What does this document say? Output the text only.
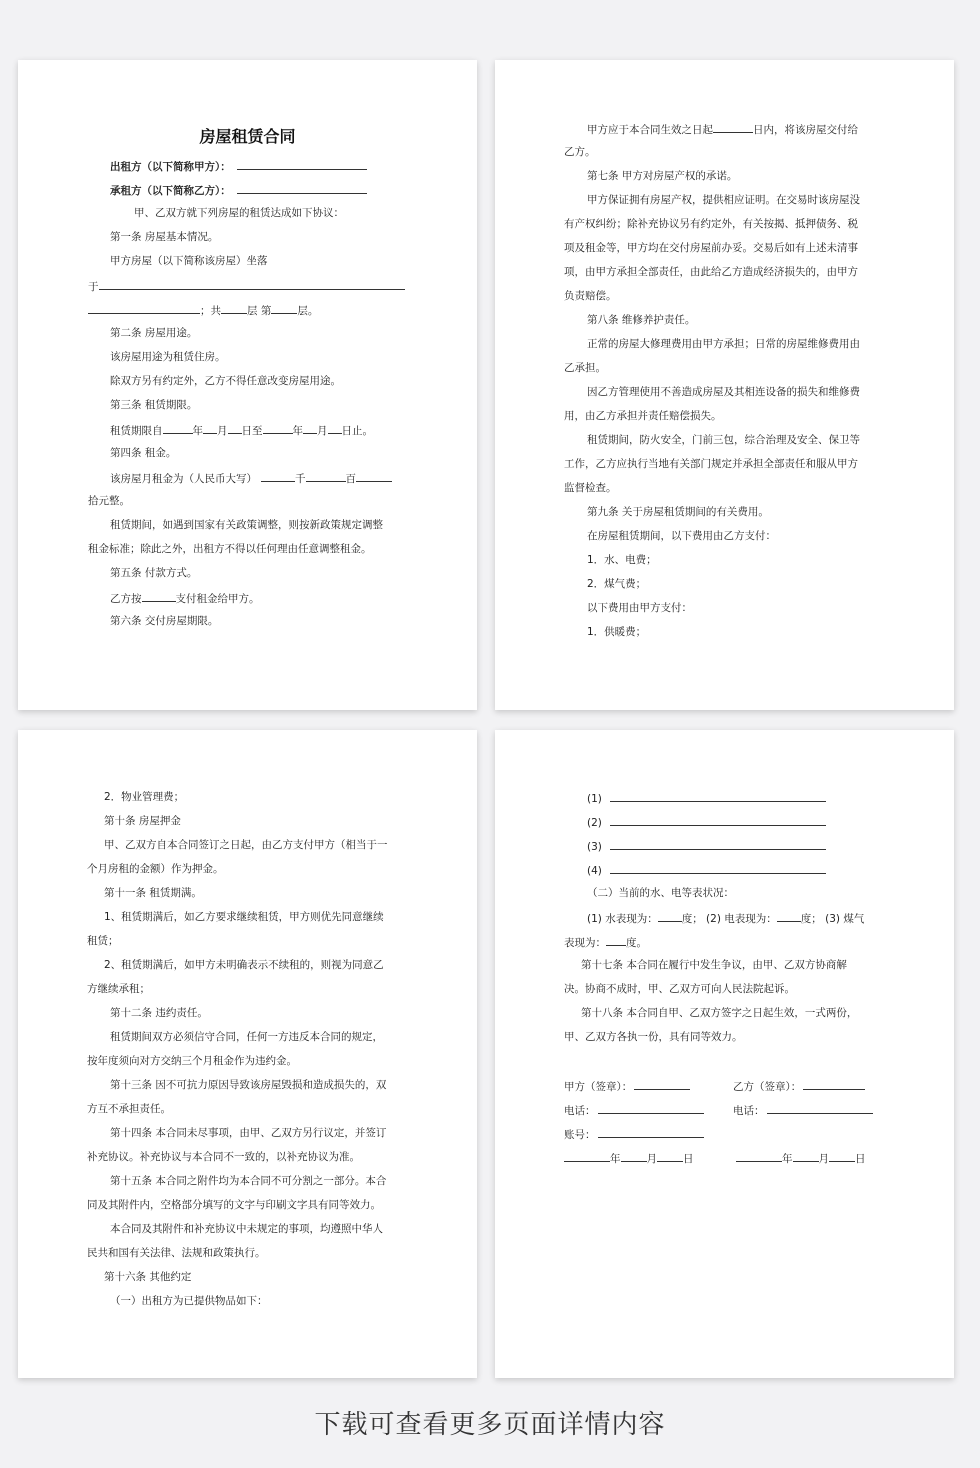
房屋租赁合同
出租方（以下简称甲方）：
承租方（以下简称乙方）：
甲、乙双方就下列房屋的租赁达成如下协议：
第一条 房屋基本情况。
甲方房屋（以下简称该房屋）坐落
于
；共 层 第 层。
第二条 房屋用途。
该房屋用途为租赁住房。
除双方另有约定外，乙方不得任意改变房屋用途。
第三条 租赁期限。
租赁期限自	年 月 日至	年 月 日止。
第四条 租金。
该房屋月租金为（人民币大写）	千	百
拾元整。
租赁期间，如遇到国家有关政策调整，则按新政策规定调整
租金标准；除此之外，出租方不得以任何理由任意调整租金。
第五条 付款方式。
乙方按	支付租金给甲方。
第六条 交付房屋期限。
甲方应于本合同生效之日起	日内，将该房屋交付给
乙方。
第七条 甲方对房屋产权的承诺。
甲方保证拥有房屋产权，提供相应证明。在交易时该房屋没
有产权纠纷；除补充协议另有约定外，有关按揭、抵押债务、税
项及租金等，甲方均在交付房屋前办妥。交易后如有上述未清事
项，由甲方承担全部责任，由此给乙方造成经济损失的，由甲方
负责赔偿。
第八条 维修养护责任。
正常的房屋大修理费用由甲方承担；日常的房屋维修费用由
乙承担。
因乙方管理使用不善造成房屋及其相连设备的损失和维修费
用，由乙方承担并责任赔偿损失。
租赁期间，防火安全，门前三包，综合治理及安全、保卫等
工作，乙方应执行当地有关部门规定并承担全部责任和服从甲方
监督检查。
第九条 关于房屋租赁期间的有关费用。
在房屋租赁期间，以下费用由乙方支付：
1．水、电费；
2．煤气费；
以下费用由甲方支付：
1．供暖费；
2．物业管理费；
第十条 房屋押金
甲、乙双方自本合同签订之日起，由乙方支付甲方（相当于一
个月房租的金额）作为押金。
第十一条 租赁期满。
1、租赁期满后，如乙方要求继续租赁，甲方则优先同意继续
租赁；
2、租赁期满后，如甲方未明确表示不续租的，则视为同意乙
方继续承租；
第十二条 违约责任。
租赁期间双方必须信守合同，任何一方违反本合同的规定，
按年度须向对方交纳三个月租金作为违约金。
第十三条 因不可抗力原因导致该房屋毁损和造成损失的，双
方互不承担责任。
第十四条 本合同未尽事项，由甲、乙双方另行议定，并签订
补充协议。补充协议与本合同不一致的，以补充协议为准。
第十五条 本合同之附件均为本合同不可分割之一部分。本合
同及其附件内，空格部分填写的文字与印刷文字具有同等效力。
本合同及其附件和补充协议中未规定的事项，均遵照中华人
民共和国有关法律、法规和政策执行。
第十六条 其他约定
（一）出租方为已提供物品如下：
(1)
(2)
(3)
(4)
（二）当前的水、电等表状况：
(1) 水表现为： 度； (2) 电表现为： 度； (3) 煤气
表现为： 度。
第十七条 本合同在履行中发生争议，由甲、乙双方协商解
决。协商不成时，甲、乙双方可向人民法院起诉。
第十八条 本合同自甲、乙双方签字之日起生效，一式两份，
甲、乙双方各执一份，具有同等效力。
甲方（签章）：	乙方（签章）：
电话：	电话：
账号：
年 月 日	年 月 日
下载可查看更多页面详情内容
